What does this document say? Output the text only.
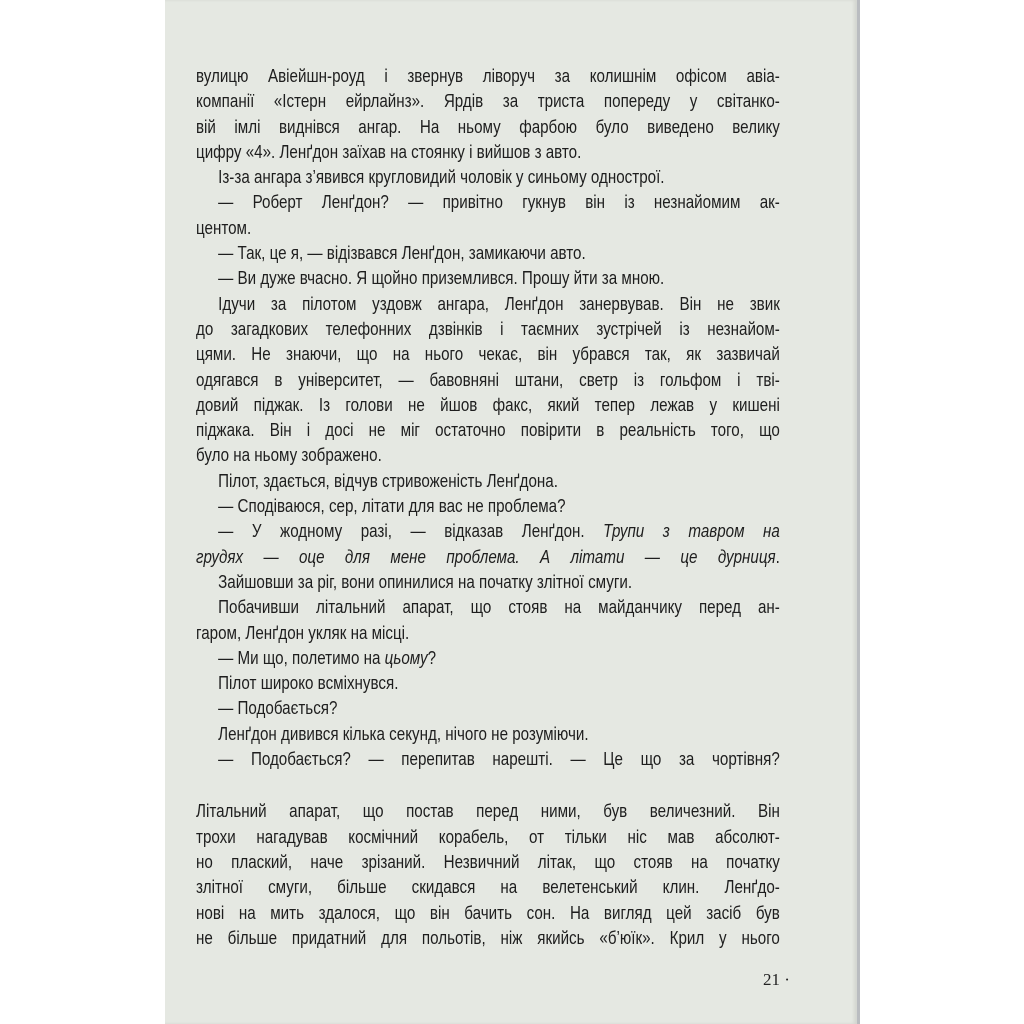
вулицю Авіейшн-роуд і звернув ліворуч за колишнім офісом авіа-
компанії «Істерн ейрлайнз». Ярдів за триста попереду у світанко-
вій імлі виднівся ангар. На ньому фарбою було виведено велику
цифру «4». Ленґдон заїхав на стоянку і вийшов з авто.
Із-за ангара з’явився кругловидий чоловік у синьому однострої.
— Роберт Ленґдон? — привітно гукнув він із незнайомим ак-
центом.
— Так, це я, — відізвався Ленґдон, замикаючи авто.
— Ви дуже вчасно. Я щойно приземлився. Прошу йти за мною.
Ідучи за пілотом уздовж ангара, Ленґдон занервував. Він не звик
до загадкових телефонних дзвінків і таємних зустрічей із незнайом-
цями. Не знаючи, що на нього чекає, він убрався так, як зазвичай
одягався в університет, — бавовняні штани, светр із гольфом і тві-
довий піджак. Із голови не йшов факс, який тепер лежав у кишені
піджака. Він і досі не міг остаточно повірити в реальність того, що
було на ньому зображено.
Пілот, здається, відчув стривоженість Ленґдона.
— Сподіваюся, сер, літати для вас не проблема?
— У жодному разі, — відказав Ленґдон. Трупи з тавром на
грудях — оце для мене проблема. А літати — це дурниця.
Зайшовши за ріг, вони опинилися на початку злітної смуги.
Побачивши літальний апарат, що стояв на майданчику перед ан-
гаром, Ленґдон укляк на місці.
— Ми що, полетимо на цьому?
Пілот широко всміхнувся.
— Подобається?
Ленґдон дивився кілька секунд, нічого не розуміючи.
— Подобається? — перепитав нарешті. — Це що за чортівня?
Літальний апарат, що постав перед ними, був величезний. Він
трохи нагадував космічний корабель, от тільки ніс мав абсолют-
но плаский, наче зрізаний. Незвичний літак, що стояв на початку
злітної смуги, більше скидався на велетенський клин. Ленґдо-
нові на мить здалося, що він бачить сон. На вигляд цей засіб був
не більше придатний для польотів, ніж якийсь «б’юїк». Крил у нього
21 ·
